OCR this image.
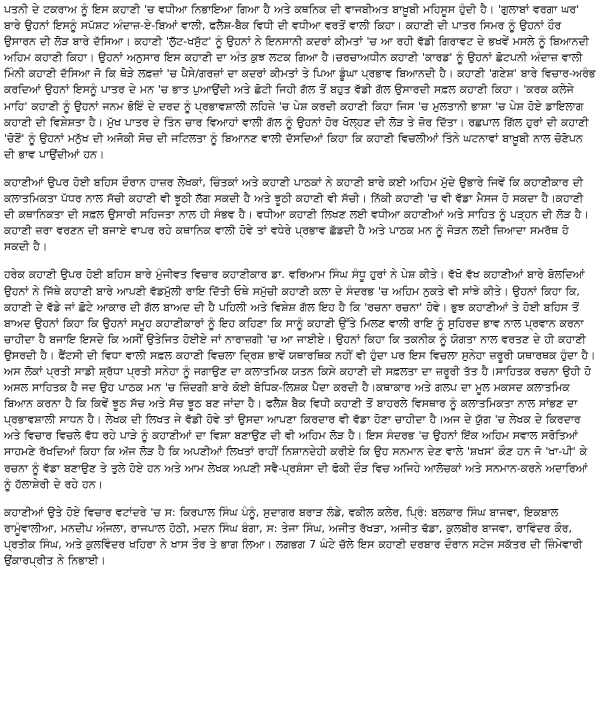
ਪਤਨੀ ਦੇ ਟਕਰਾਅ ਨੂੰ ਇਸ ਕਹਾਣੀ 'ਚ ਵਧੀਆ ਨਿਭਾਇਆ ਗਿਆ ਹੈ ਅਤੇ ਕਥਨਿਕ ਦੀ ਵਾਜਬੀਅਤ ਬਾਖ਼ੂਬੀ ਮਹਿਸੂਸ ਹੁੰਦੀ ਹੈ। 'ਗੁਲਾਬਾਂ ਵਰਗਾ ਘਰ' ਬਾਰੇ ਉਹਨਾਂ ਇਸਨੂੰ ਸਪੱਸ਼ਟ ਅੰਦਾਜ਼-ਏ-ਬਿਆਂ ਵਾਲੀ, ਫਲੈਸ਼-ਬੈਕ ਵਿਧੀ ਦੀ ਵਧੀਆ ਵਰਤੋਂ ਵਾਲੀ ਕਿਹਾ। ਕਹਾਣੀ ਦੀ ਪਾਤਰ ਸਿਮਰ ਨੂੰ ਉਹਨਾਂ ਹੌਰ ਉਸਾਰਨ ਦੀ ਲੋੜ ਬਾਰੇ ਦੱਸਿਆ। ਕਹਾਣੀ 'ਲੁੱਟ-ਖਸੁੱਟ' ਨੂੰ ਉਹਨਾਂ ਨੇ ਇਨਸਾਨੀ ਕਦਰਾਂ ਕੀਮਤਾਂ 'ਚ ਆ ਰਹੀ ਵੱਡੀ ਗਿਰਾਵਟ ਦੇ ਭਖਵੇਂ ਮਸਲੇ ਨੂੰ ਬਿਆਨਦੀ ਅਹਿਮ ਕਹਾਣੀ ਕਿਹਾ। ਉਹਨਾਂ ਅਨੁਸਾਰ ਇਸ ਕਹਾਣੀ ਦਾ ਅੰਤ ਕੁਝ ਲਟਕ ਗਿਆ ਹੈ।ਚਰਚਾਅਧੀਨ ਕਹਾਣੀ 'ਕਾਰਡ' ਨੂੰ ਉਹਨਾਂ ਛੋਟਪਨੀ ਅੰਦਾਜ਼ ਵਾਲੀ ਮਿੰਨੀ ਕਹਾਣੀ ਦੱਸਿਆ ਜੋ ਕਿ ਥੋੜੇ ਲਫ਼ਜ਼ਾਂ 'ਚ ਪੈਸੇ/ਗਰਜ਼ਾਂ ਦਾ ਕਦਰਾਂ ਕੀਮਤਾਂ ਤੇ ਪਿਆ ਡੂੰਘਾ ਪ੍ਰਭਾਵ ਬਿਆਨਦੀ ਹੈ। ਕਹਾਣੀ 'ਗਣੇਸ਼' ਬਾਰੇ ਵਿਚਾਰ-ਅਰੰਭ ਕਰਦਿਆਂ ਉਹਨਾਂ ਇਸਨੂੰ ਪਾਤਰ ਦੇ ਮਨ 'ਚ ਭਾਤ ਪੁਆਉਂਦੀ ਅਤੇ ਛੋਟੀ ਜਿਹੀ ਗੱਲ ਤੋਂ ਬਹੁਤ ਵੱਡੀ ਗੱਲ ਉਸਾਰਦੀ ਸਫ਼ਲ ਕਹਾਣੀ ਕਿਹਾ। 'ਕਰਕ ਕਲੇਜੇ ਮਾਹਿ' ਕਹਾਣੀ ਨੂੰ ਉਹਨਾਂ ਜਨਮ ਭੋਇੰ ਦੇ ਦਰਦ ਨੂੰ ਪ੍ਰਭਾਵਸ਼ਾਲੀ ਲਹਿਜ਼ੇ 'ਚ ਪੇਸ਼ ਕਰਦੀ ਕਹਾਣੀ ਕਿਹਾ ਜਿਸ 'ਚ ਮੁਲਤਾਨੀ ਭਾਸ਼ਾ 'ਚ ਪੇਸ਼ ਹੋਏ ਡਾਇਲਾਗ ਕਹਾਣੀ ਦੀ ਵਿਸ਼ੇਸ਼ਤਾ ਹੈ। ਮੁੱਖ ਪਾਤਰ ਦੇ ਤਿੰਨ ਚਾਰ ਵਿਆਹਾਂ ਵਾਲੀ ਗੱਲ ਨੂੰ ਉਹਨਾਂ ਹੋਰ ਖੋਲ੍ਹਣ ਦੀ ਲੋੜ ਤੇ ਜ਼ੋਰ ਦਿੱਤਾ। ਰਛਪਾਲ ਗਿੱਲ ਹੁਰਾਂ ਦੀ ਕਹਾਣੀ 'ਚੋਣੋਂ' ਨੂੰ ਉਹਨਾਂ ਮਨੁੱਖ ਦੀ ਅਜੋਕੀ ਸੋਚ ਦੀ ਜਟਿਲਤਾ ਨੂੰ ਬਿਆਨਣ ਵਾਲੀ ਦੱਸਦਿਆਂ ਕਿਹਾ ਕਿ ਕਹਾਣੀ ਵਿਚਲੀਆਂ ਤਿੰਨੇ ਘਟਨਾਵਾਂ ਬਾਖ਼ੂਬੀ ਨਾਲ ਚੋਣੋਪਨ ਦੀ ਭਾਵ ਪਾਉਂਦੀਆਂ ਹਨ।

ਕਹਾਣੀਆਂ ਉਪਰ ਹੋਈ ਬਹਿਸ ਦੌਰਾਨ ਹਾਜ਼ਰ ਲੇਖਕਾਂ, ਚਿੰਤਕਾਂ ਅਤੇ ਕਹਾਣੀ ਪਾਠਕਾਂ ਨੇ ਕਹਾਣੀ ਬਾਰੇ ਕਈ ਅਹਿਮ ਮੁੱਦੇ ਉਭਾਰੇ ਜਿਵੇਂ ਕਿ ਕਹਾਣੀਕਾਰ ਦੀ ਕਲਾਤਮਿਕਤਾ ਪੱਧਰ ਨਾਲ ਸੱਚੀ ਕਹਾਣੀ ਵੀ ਝੂਠੀ ਲੱਗ ਸਕਦੀ ਹੈ ਅਤੇ ਝੂਠੀ ਕਹਾਣੀ ਵੀ ਸੱਚੀ। ਨਿੱਕੀ ਕਹਾਣੀ 'ਚ ਵੀ ਵੱਡਾ ਮੈਸਜ ਹੋ ਸਕਦਾ ਹੈ।ਕਹਾਣੀ ਦੀ ਕਥਾਨਿਕਤਾ ਦੀ ਸਫ਼ਲ ਉਸਾਰੀ ਸਹਿਜਤਾ ਨਾਲ ਹੀ ਸੰਭਵ ਹੈ। ਵਧੀਆ ਕਹਾਣੀ ਲਿਖਣ ਲਈ ਵਧੀਆ ਕਹਾਣੀਆਂ ਅਤੇ ਸਾਹਿਤ ਨੂੰ ਪੜ੍ਹਨ ਦੀ ਲੋੜ ਹੈ। ਕਹਾਣੀ ਜ਼ਰਾ ਵਰਣਨ ਦੀ ਬਜਾਏ ਵਾਪਰ ਰਹੇ ਕਥਾਨਿਕ ਵਾਲੀ ਹੋਵੇ ਤਾਂ ਵਧੇਰੇ ਪ੍ਰਭਾਵ ਛੱਡਦੀ ਹੈ ਅਤੇ ਪਾਠਕ ਮਨ ਨੂੰ ਜੋੜਨ ਲਈ ਜ਼ਿਆਦਾ ਸਮਰੱਥ ਹੋ ਸਕਦੀ ਹੈ।

ਹਰੇਕ ਕਹਾਣੀ ਉਪਰ ਹੋਈ ਬਹਿਸ ਬਾਰੇ ਮੁੰਜੀਵਤ ਵਿਚਾਰ ਕਹਾਣੀਕਾਰ ਡਾ. ਵਰਿਆਮ ਸਿੰਘ ਸੰਧੂ ਹੁਰਾਂ ਨੇ ਪੇਸ਼ ਕੀਤੇ। ਵੱਖੋ ਵੱਖ ਕਹਾਣੀਆਂ ਬਾਰੇ ਬੋਲਦਿਆਂ ਉਹਨਾਂ ਨੇ ਜਿੱਥੇ ਕਹਾਣੀ ਬਾਰੇ ਆਪਣੀ ਵੱਡਮੁੱਲੀ ਰਾਇ ਦਿੱਤੀ ਓਥੇ ਸਮੁੱਚੀ ਕਹਾਣੀ ਕਲਾ ਦੇ ਸੰਦਰਭ 'ਚ ਅਹਿਮ ਨੁਕਤੇ ਵੀ ਸਾਂਝੇ ਕੀਤੇ। ਉਹਨਾਂ ਕਿਹਾ ਕਿ, ਕਹਾਣੀ ਦੇ ਵੱਡੇ ਜਾਂ ਛੋਟੇ ਆਕਾਰ ਦੀ ਗੱਲ ਬਾਅਦ ਦੀ ਹੈ ਪਹਿਲੀ ਅਤੇ ਵਿਸ਼ੇਸ਼ ਗੱਲ ਇਹ ਹੈ ਕਿ 'ਰਚਨਾ ਰਚਨਾ' ਹੋਵੇ। ਭੁਝ ਕਹਾਣੀਆਂ ਤੇ ਹੋਈ ਬਹਿਸ ਤੋਂ ਬਾਅਦ ਉਹਨਾਂ ਕਿਹਾ ਕਿ ਉਹਨਾਂ ਸਮੂਹ ਕਹਾਣੀਕਾਰਾਂ ਨੂੰ ਇਹ ਕਹਿਣਾ ਕਿ ਸਾਨੂੰ ਕਹਾਣੀ ਉੱਤੇ ਮਿਲਣ ਵਾਲੀ ਰਾਇ ਨੂੰ ਸੁਹਿਰਦ ਭਾਵ ਨਾਲ ਪ੍ਰਵਾਨ ਕਰਨਾ ਚਾਹੀਦਾ ਹੈ ਬਜਾਇ ਇਸਦੇ ਕਿ ਅਸੀਂ ਉਤੇਜਿਤ ਹੋਈਏ ਜਾਂ ਨਾਰਾਜ਼ਗੀ 'ਚ ਆ ਜਾਈਏ। ਉਹਨਾਂ ਕਿਹਾ ਕਿ ਤਕਨੀਕ ਨੂੰ ਯੋਗਤਾ ਨਾਲ ਵਰਤਣ ਦੇ ਹੀ ਕਹਾਣੀ ਉਸਰਦੀ ਹੈ। ਫੈਂਟਸੀ ਦੀ ਵਿਧਾ ਵਾਲੀ ਸਫ਼ਲ ਕਹਾਣੀ ਵਿਚਲਾ ਦ੍ਰਿਸ਼ ਭਾਵੇਂ ਯਥਾਰਥਿਕ ਨਹੀਂ ਵੀ ਹੁੰਦਾ ਪਰ ਇਸ ਵਿਚਲਾ ਸੁਨੇਹਾ ਜ਼ਰੂਰੀ ਯਥਾਰਥਕ ਹੁੰਦਾ ਹੈ। ਅਸ ਲੋਕਾਂ ਪ੍ਰਤੀ ਸਾਡੀ ਸ਼੍ਰੱਧਾ ਪ੍ਰਤੀ ਸਨੇਹਾ ਨੂੰ ਜਗਾਉਣ ਦਾ ਕਲਾਤਮਿਕ ਯਤਨ ਕਿਸੇ ਕਹਾਣੀ ਦੀ ਸਫ਼ਲਤਾ ਦਾ ਜ਼ਰੂਰੀ ਤੱਤ ਹੈ।ਸਾਹਿਤਕ ਰਚਨਾ ਉਹੀ ਹੋ ਅਸਲ ਸਾਹਿਤਕ ਹੈ ਜਦ ਉਹ ਪਾਠਕ ਮਨ 'ਚ ਜ਼ਿੰਦਗੀ ਬਾਰੇ ਕੋਈ ਬੋਧਿਕ-ਲਿਸ਼ਕ ਪੈਦਾ ਕਰਦੀ ਹੈ।ਕਥਾਕਾਰ ਅਤੇ ਗਲਪ ਦਾ ਮੂਲ ਮਕਸਦ ਕਲਾਤਮਿਕ ਬਿਆਨ ਕਰਨਾ ਹੈ ਕਿ ਕਿਵੇਂ ਝੂਠ ਸੱਚ ਅਤੇ ਸੱਚ ਝੂਠ ਬਣ ਜਾਂਦਾ ਹੈ। ਫਲੈਸ਼ ਬੈਕ ਵਿਧੀ ਕਹਾਣੀ ਤੋਂ ਬਾਹਰਲੇ ਵਿਸਥਾਰ ਨੂੰ ਕਲਾਤਮਿਕਤਾ ਨਾਲ ਸਾਂਭਣ ਦਾ ਪ੍ਰਭਾਵਸ਼ਾਲੀ ਸਾਧਨ ਹੈ। ਲੇਖਕ ਦੀ ਲਿਖਤ ਜੇ ਵੱਡੀ ਹੋਵੇ ਤਾਂ ਉਸਦਾ ਆਪਣਾ ਕਿਰਦਾਰ ਵੀ ਵੱਡਾ ਹੋਣਾ ਚਾਹੀਦਾ ਹੈ।ਅਜ ਦੇ ਯੁੱਗ 'ਚ ਲੇਖਕ ਦੇ ਕਿਰਦਾਰ ਅਤੇ ਵਿਚਾਰ ਵਿਚਲੇ ਵੱਧ ਰਹੇ ਪਾੜੇ ਨੂੰ ਕਹਾਣੀਆਂ ਦਾ ਵਿਸ਼ਾ ਬਣਾਉਣ ਦੀ ਵੀ ਅਹਿਮ ਲੋੜ ਹੈ। ਇਸ ਸੰਦਰਭ 'ਚ ਉਹਨਾਂ ਇੱਕ ਅਹਿਮ ਸਵਾਲ ਸਰੋਤਿਆਂ ਸਾਹਮਣੇ ਰੱਖਦਿਆਂ ਕਿਹਾ ਕਿ ਅੱਜ ਲੋੜ ਹੈ ਕਿ ਅਪਣੀਆਂ ਲਿਖਤਾਂ ਰਾਹੀਂ ਨਿਸ਼ਾਨਦੇਹੀ ਕਰੀਏ ਕਿ ਉਹ ਸਨਮਾਨ ਦੇਣ ਵਾਲੇ 'ਸ਼ਖਸ' ਕੌਣ ਹਨ ਜੋ 'ਖਾ-ਪੀ' ਕੇ ਰਚਨਾ ਨੂੰ ਵੱਡਾ ਬਣਾਉਣ ਤੇ ਤੁਲੇ ਹੋਏ ਹਨ ਅਤੇ ਆਮ ਲੇਖਕ ਅਪਣੀ ਸਵੈ-ਪ੍ਰਸ਼ੰਸਾ ਦੀ ਫੋਕੀ ਦੌੜ ਵਿਚ ਅਜਿਹੇ ਆਲੋਚਕਾਂ ਅਤੇ ਸਨਮਾਨ-ਕਰਨੇ ਅਦਾਰਿਆਂ ਨੂੰ ਹੱਲਾਸ਼ੇਰੀ ਦੇ ਰਹੇ ਹਨ।

ਕਹਾਣੀਆਂ ਉਤੇ ਹੋਏ ਵਿਚਾਰ ਵਟਾਂਦਰੇ 'ਚ ਸ: ਕਿਰਪਾਲ ਸਿੰਘ ਪੰਨੂੰ, ਸੁਦਾਗਰ ਬਰਾੜ ਲੰਡੇ, ਵਕੀਲ ਕਲੇਰ, ਪ੍ਰਿੰ: ਬਲਕਾਰ ਸਿੰਘ ਬਾਜਵਾ, ਇਕਬਾਲ ਰਾਮੂੰਵਾਲੀਆ, ਮਨਦੀਪ ਔਜਲਾ, ਰਾਜਪਾਲ ਹੋਠੀ, ਮਦਨ ਸਿੰਘ ਬੰਗਾ, ਸ: ਤੇਜਾ ਸਿੰਘ, ਅਜੀਤ ਰੱਖੜਾ, ਅਜੀਤ ਢੱਡਾ, ਕੁਲਬੀਰ ਬਾਜਵਾ, ਰਾਵਿੰਦਰ ਕੌਰ, ਪ੍ਰਤੀਕ ਸਿੰਘ, ਅਤੇ ਕੁਲਵਿੰਦਰ ਖਹਿਰਾ ਨੇ ਖਾਸ ਤੌਰ ਤੇ ਭਾਗ ਲਿਆ। ਲਗਭਗ 7 ਘੰਟੇ ਚੱਲੇ ਇਸ ਕਹਾਣੀ ਦਰਬਾਰ ਦੌਰਾਨ ਸਟੇਜ ਸਕੱਤਰ ਦੀ ਜ਼ਿੰਮੇਵਾਰੀ ਉਂਕਾਰਪ੍ਰੀਤ ਨੇ ਨਿਭਾਈ।
